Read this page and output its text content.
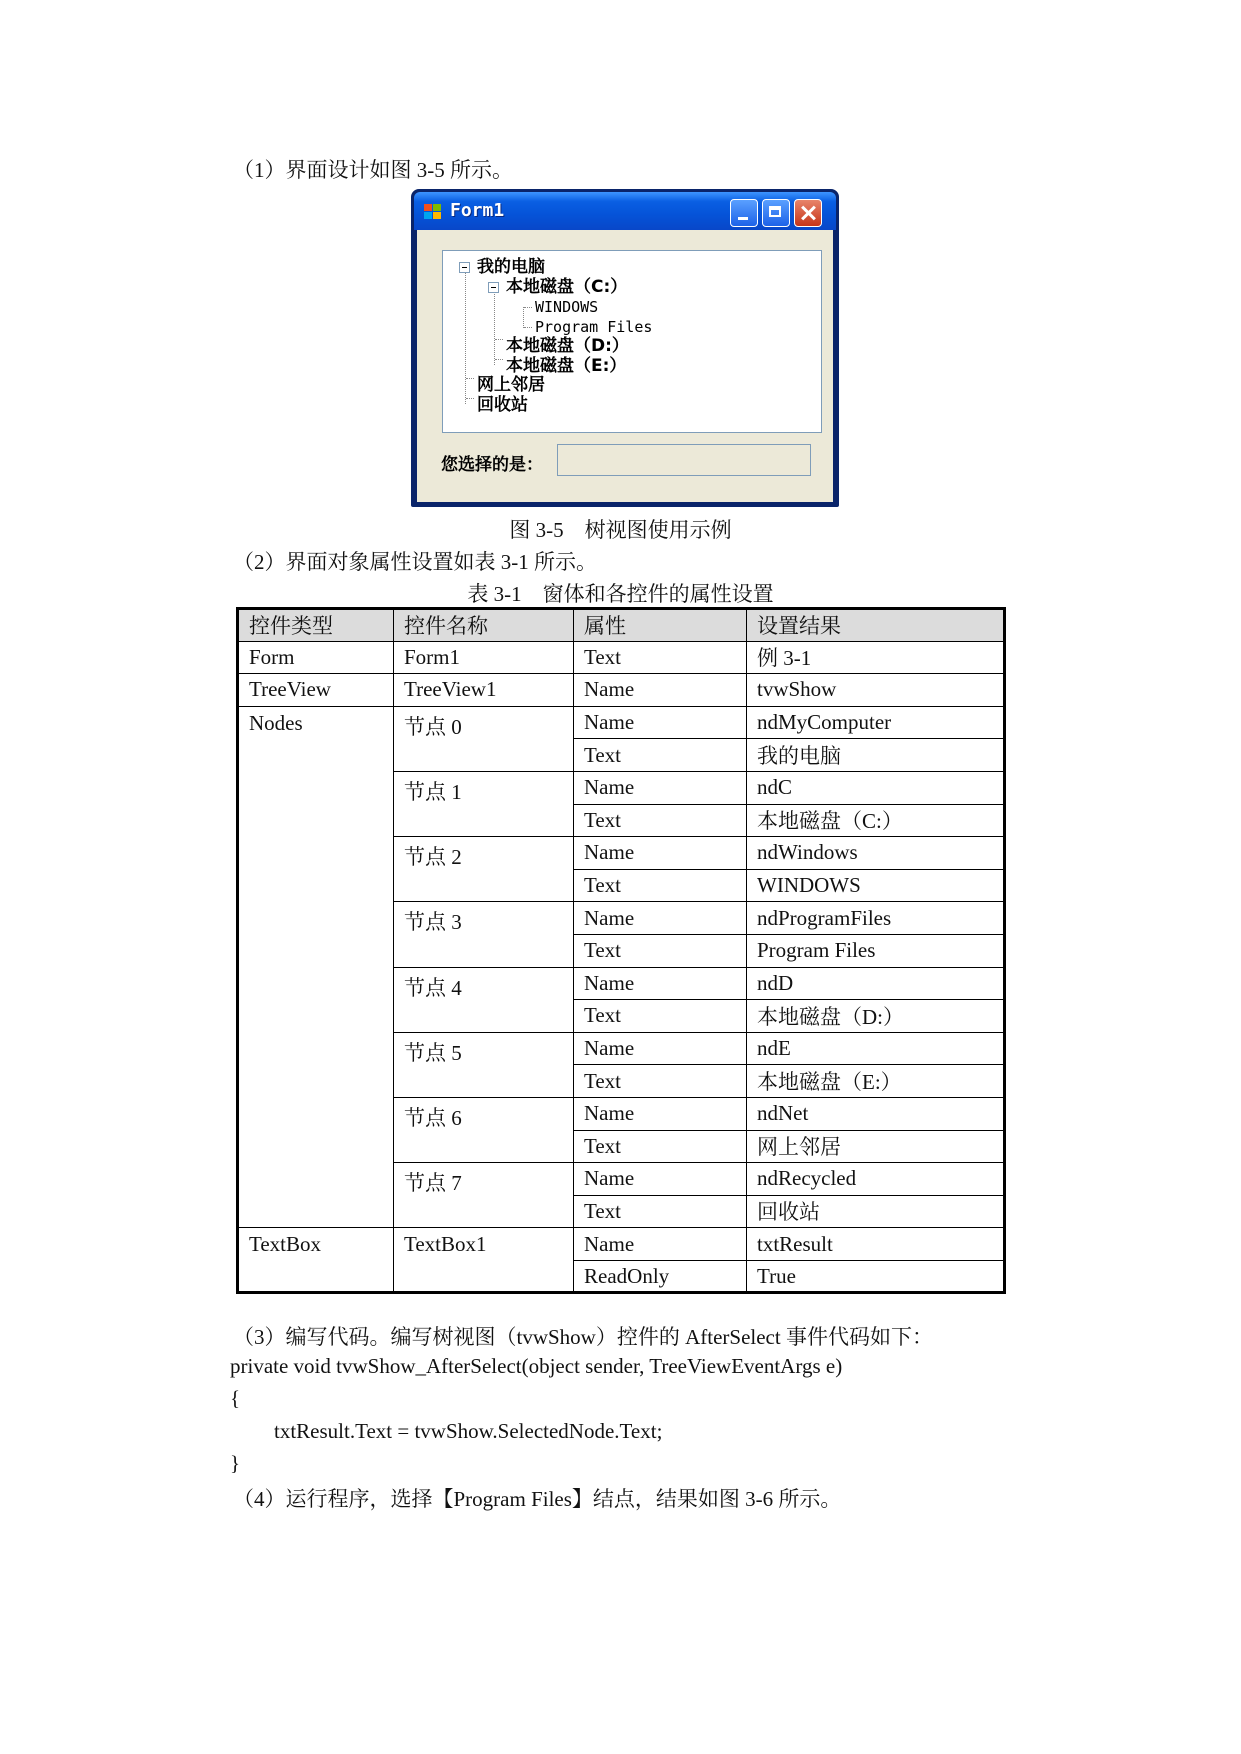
（1）界面设计如图 3-5 所示。
Form1
我的电脑
本地磁盘（C:）
WINDOWS
Program Files
本地磁盘（D:）
本地磁盘（E:）
网上邻居
回收站
您选择的是：
图 3-5　树视图使用示例
（2）界面对象属性设置如表 3-1 所示。
表 3-1　窗体和各控件的属性设置
控件类型	控件名称	属性	设置结果
Form	Form1	Text	例 3-1
TreeView	TreeView1	Name	tvwShow
Nodes	节点 0	Name	ndMyComputer
		Text	我的电脑
	节点 1	Name	ndC
		Text	本地磁盘（C:）
	节点 2	Name	ndWindows
		Text	WINDOWS
	节点 3	Name	ndProgramFiles
		Text	Program Files
	节点 4	Name	ndD
		Text	本地磁盘（D:）
	节点 5	Name	ndE
		Text	本地磁盘（E:）
	节点 6	Name	ndNet
		Text	网上邻居
	节点 7	Name	ndRecycled
		Text	回收站
TextBox	TextBox1	Name	txtResult
		ReadOnly	True
（3）编写代码。编写树视图（tvwShow）控件的 AfterSelect 事件代码如下：
private void tvwShow_AfterSelect(object sender, TreeViewEventArgs e)
{
txtResult.Text = tvwShow.SelectedNode.Text;
}
（4）运行程序，选择【Program Files】结点，结果如图 3-6 所示。
